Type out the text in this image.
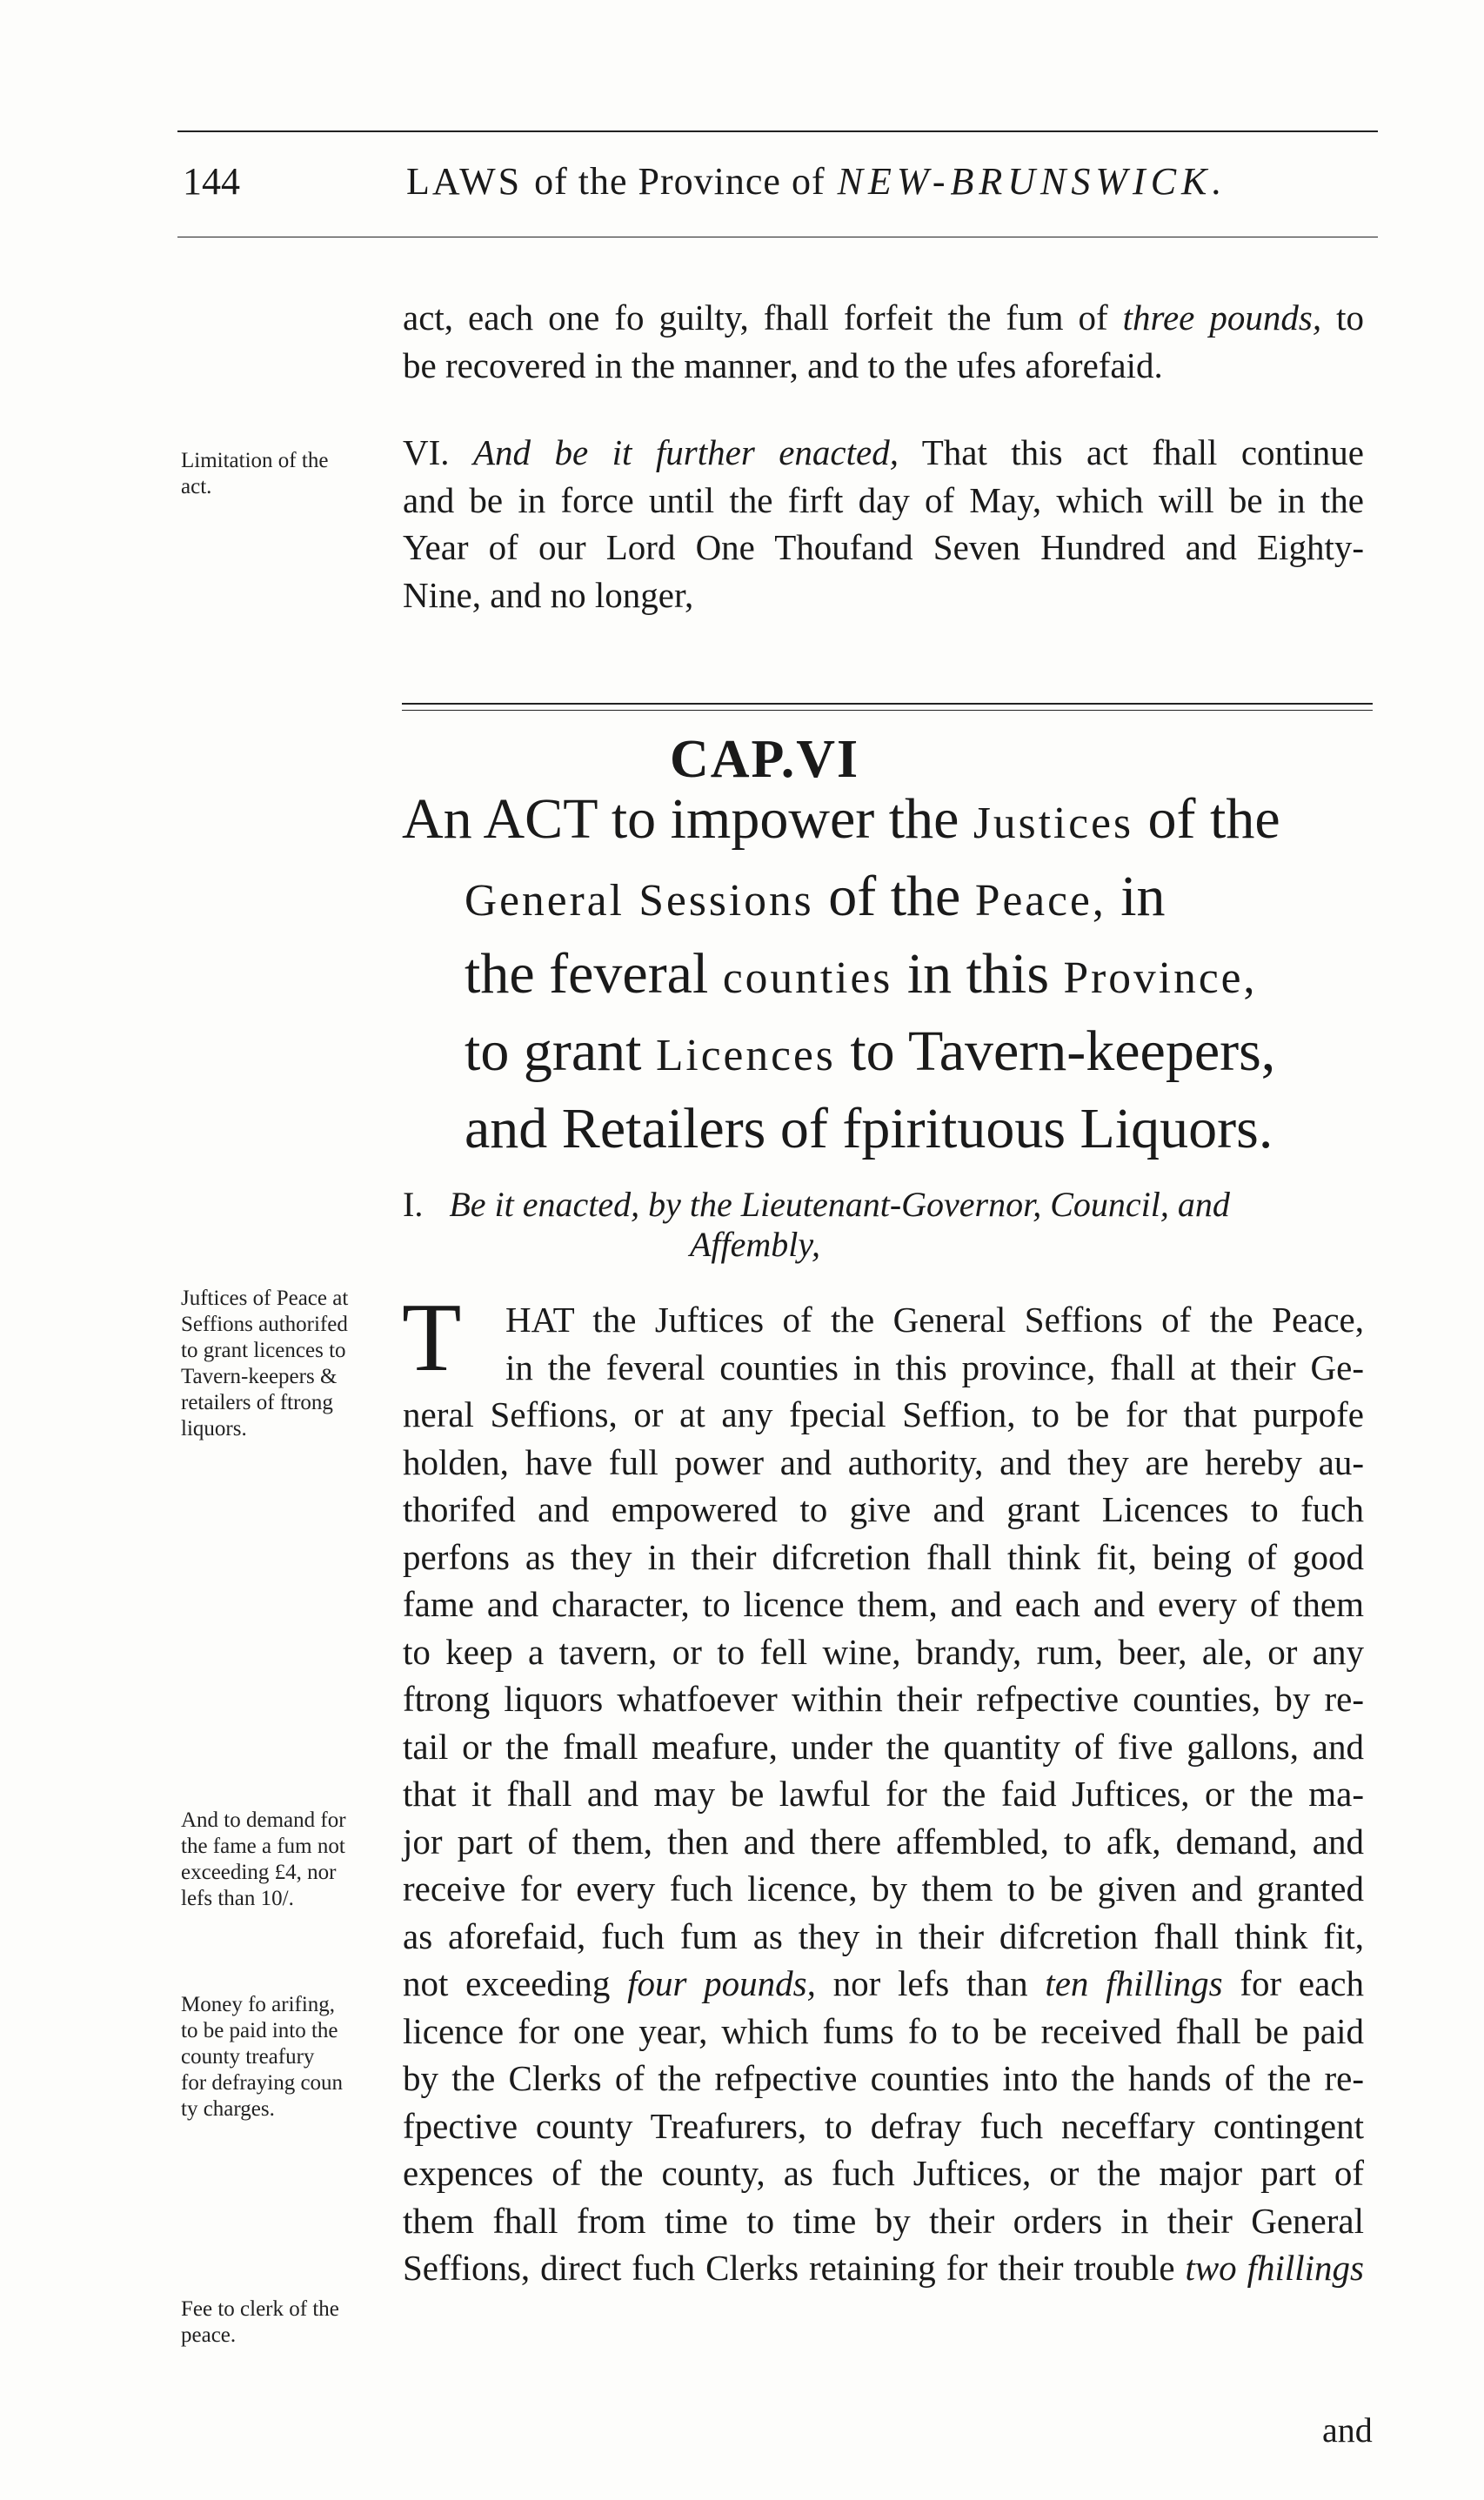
144	LAWS of the Province of NEW-BRUNSWICK.
act, each one fo guilty, fhall forfeit the fum of three pounds, to
be recovered in the manner, and to the ufes aforefaid.
Limitation of the
act.
VI. And be it further enacted, That this act fhall continue
and be in force until the firft day of May, which will be in the
Year of our Lord One Thoufand Seven Hundred and Eighty-
Nine, and no longer,
CAP.VI
An ACT to impower the Justices of the
General Sessions of the Peace, in
the feveral counties in this Province,
to grant Licences to Tavern-keepers,
and Retailers of fpirituous Liquors.
I. Be it enacted, by the Lieutenant-Governor, Council, and
Affembly,
Juftices of Peace at
Seffions authorifed
to grant licences to
Tavern-keepers &
retailers of ftrong
liquors.
And to demand for
the fame a fum not
exceeding £4, nor
lefs than 10/.
Money fo arifing,
to be paid into the
county treafury
for defraying coun
ty charges.
Fee to clerk of the
peace.
T	HAT the Juftices of the General Seffions of the Peace,
in the feveral counties in this province, fhall at their Ge-
neral Seffions, or at any fpecial Seffion, to be for that purpofe
holden, have full power and authority, and they are hereby au-
thorifed and empowered to give and grant Licences to fuch
perfons as they in their difcretion fhall think fit, being of good
fame and character, to licence them, and each and every of them
to keep a tavern, or to fell wine, brandy, rum, beer, ale, or any
ftrong liquors whatfoever within their refpective counties, by re-
tail or the fmall meafure, under the quantity of five gallons, and
that it fhall and may be lawful for the faid Juftices, or the ma-
jor part of them, then and there affembled, to afk, demand, and
receive for every fuch licence, by them to be given and granted
as aforefaid, fuch fum as they in their difcretion fhall think fit,
not exceeding four pounds, nor lefs than ten fhillings for each
licence for one year, which fums fo to be received fhall be paid
by the Clerks of the refpective counties into the hands of the re-
fpective county Treafurers, to defray fuch neceffary contingent
expences of the county, as fuch Juftices, or the major part of
them fhall from time to time by their orders in their General
Seffions, direct fuch Clerks retaining for their trouble two fhillings
and
